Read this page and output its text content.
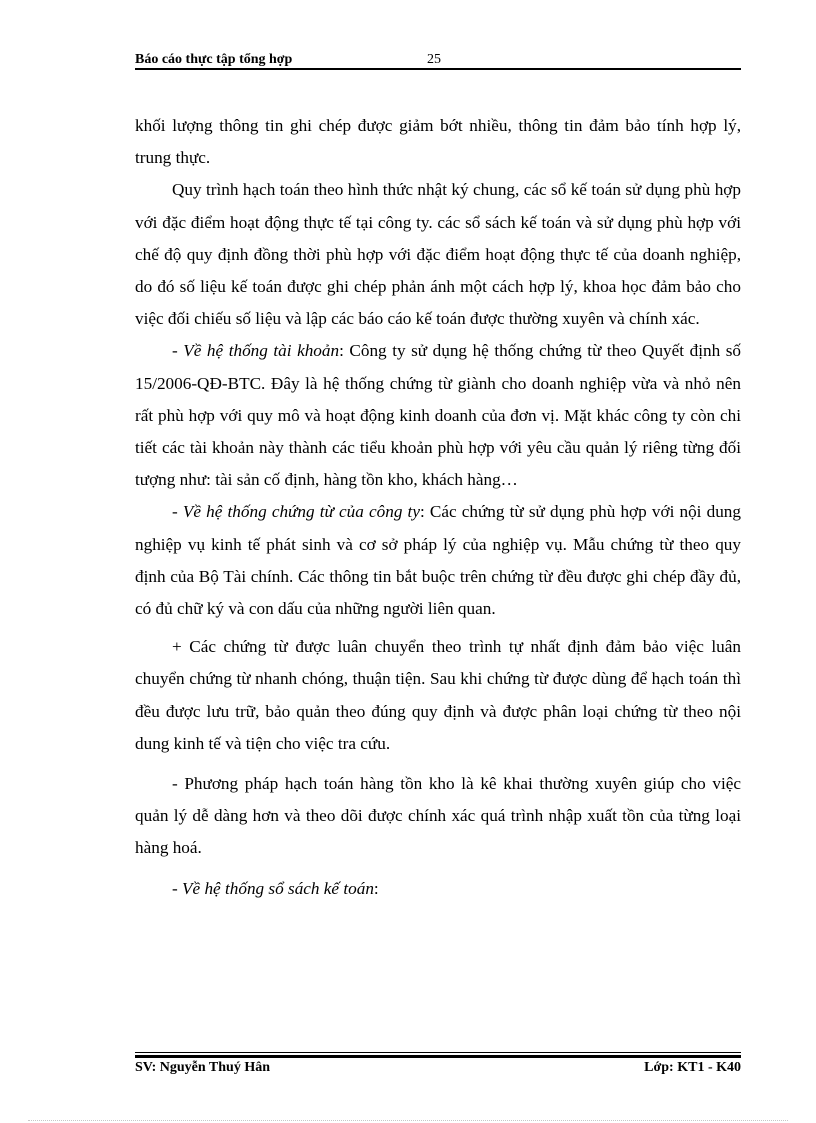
Báo cáo thực tập tổng hợp	25

khối lượng thông tin ghi chép được giảm bớt nhiều, thông tin đảm bảo tính hợp lý, trung thực.

Quy trình hạch toán theo hình thức nhật ký chung, các sổ kế toán sử dụng phù hợp với đặc điểm hoạt động thực tế tại công ty. các sổ sách kế toán và sử dụng phù hợp với chế độ quy định đồng thời phù hợp với đặc điểm hoạt động thực tế của doanh nghiệp, do đó số liệu kế toán được ghi chép phản ánh một cách hợp lý, khoa học đảm bảo cho việc đối chiếu số liệu và lập các báo cáo kế toán được thường xuyên và chính xác.

- Về hệ thống tài khoản: Công ty sử dụng hệ thống chứng từ theo Quyết định số 15/2006-QĐ-BTC. Đây là hệ thống chứng từ giành cho doanh nghiệp vừa và nhỏ nên rất phù hợp với quy mô và hoạt động kinh doanh của đơn vị. Mặt khác công ty còn chi tiết các tài khoản này thành các tiểu khoản phù hợp với yêu cầu quản lý riêng từng đối tượng như: tài sản cố định, hàng tồn kho, khách hàng…

- Về hệ thống chứng từ của công ty: Các chứng từ sử dụng phù hợp với nội dung nghiệp vụ kinh tế phát sinh và cơ sở pháp lý của nghiệp vụ. Mẫu chứng từ theo quy định của Bộ Tài chính. Các thông tin bắt buộc trên chứng từ đều được ghi chép đầy đủ, có đủ chữ ký và con dấu của những người liên quan.

+ Các chứng từ được luân chuyển theo trình tự nhất định đảm bảo việc luân chuyển chứng từ nhanh chóng, thuận tiện. Sau khi chứng từ được dùng để hạch toán thì đều được lưu trữ, bảo quản theo đúng quy định và được phân loại chứng từ theo nội dung kinh tế và tiện cho việc tra cứu.

- Phương pháp hạch toán hàng tồn kho là kê khai thường xuyên giúp cho việc quản lý dễ dàng hơn và theo dõi được chính xác quá trình nhập xuất tồn của từng loại hàng hoá.

- Về hệ thống sổ sách kế toán:

SV: Nguyễn Thuý Hân	Lớp: KT1 - K40
